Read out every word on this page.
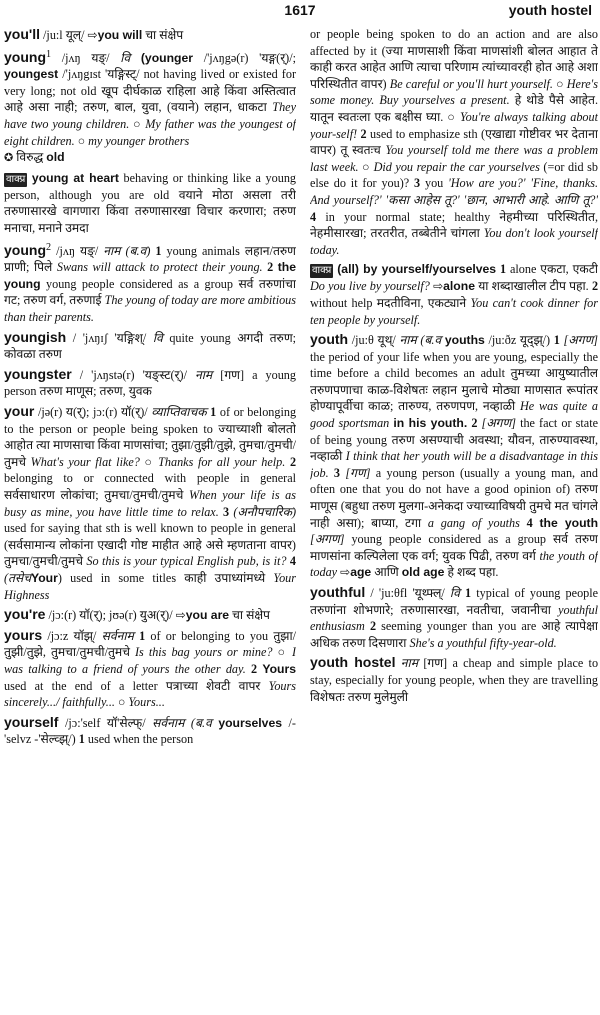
1617	youth hostel
you'll /ju:l यूल्/ ⇨you will चा संक्षेप
young$^1$ /jʌŋ यङ्/ वि (younger /'jʌŋgə(r) 'यङ्ग(र्)/; youngest /'jʌŋgɪst 'यङ्गिस्ट्/ not having lived or existed for very long; not old खूप दीर्घकाळ राहिला आहे किंवा अस्तित्वात आहे असा नाही; तरुण, बाल, युवा, (वयाने) लहान, धाकटा They have two young children. ○ My father was the youngest of eight children. ○ my younger brothers
✪ विरुद्ध old
वाक्प्र young at heart behaving or thinking like a young person, although you are old वयाने मोठा असला तरी तरुणासारखे वागणारा किंवा तरुणासारखा विचार करणारा; तरुण मनाचा, मनाने उमदा
young$^2$ /jʌŋ यङ्/ नाम (ब.व) 1 young animals लहान/तरुण प्राणी; पिले Swans will attack to protect their young. 2 the young young people considered as a group सर्व तरुणांचा गट; तरुण वर्ग, तरुणाई The young of today are more ambitious than their parents.
youngish / 'jʌŋɪʃ 'यङ्गिश्/ वि quite young अगदी तरुण; कोवळा तरुण
youngster / 'jʌŋstə(r) 'यङ्स्ट(र्)/ नाम [गण] a young person तरुण माणूस; तरुण, युवक
your /jə(r) य(र्); jɔ:(r) यॉ(र्)/ व्याप्तिवाचक 1 of or belonging to the person or people being spoken to ज्याच्याशी बोलतो आहोत त्या माणसाचा किंवा माणसांचा; तुझा/तुझी/तुझे, तुमचा/तुमची/तुमचे What's your flat like? ○ Thanks for all your help. 2 belonging to or connected with people in general सर्वसाधारण लोकांचा; तुमचा/तुमची/तुमचे When your life is as busy as mine, you have little time to relax. 3 (अनौपचारिक) used for saying that sth is well known to people in general (सर्वसामान्य लोकांना एखादी गोष्ट माहीत आहे असे म्हणताना वापर) तुमचा/तुमची/तुमचे So this is your typical English pub, is it? 4 (तसेचYour) used in some titles काही उपाध्यांमध्ये Your Highness
you're /jɔ:(r) यॉ(र्); jʊə(r) युअ(र्)/ ⇨you are चा संक्षेप
yours /jɔ:z यॉझ्/ सर्वनाम 1 of or belonging to you तुझा/तुझी/तुझे, तुमचा/तुमची/तुमचे Is this bag yours or mine? ○ I was talking to a friend of yours the other day. 2 Yours used at the end of a letter पत्राच्या शेवटी वापर Yours sincerely.../ faithfully... ○ Yours...
yourself /jɔ:'self यॉ'सेल्फ्/ सर्वनाम (ब.व yourselves /-'selvz -'सेल्व्झ्/) 1 used when the person
or people being spoken to do an action and are also affected by it (ज्या माणसाशी किंवा माणसांशी बोलत आहात ते काही करत आहेत आणि त्याचा परिणाम त्यांच्यावरही होत आहे अशा परिस्थितीत वापर) Be careful or you'll hurt yourself. ○ Here's some money. Buy yourselves a present. हे थोडे पैसे आहेत. यातून स्वतःला एक बक्षीस घ्या. ○ You're always talking about your-self! 2 used to emphasize sth (एखाद्या गोष्टीवर भर देताना वापर) तू स्वतःच You yourself told me there was a problem last week. ○ Did you repair the car yourselves (=or did sb else do it for you)? 3 you 'How are you?' 'Fine, thanks. And yourself?' 'कसा आहेस तू?' 'छान, आभारी आहे. आणि तू?' 4 in your normal state; healthy नेहमीच्या परिस्थितीत, नेहमीसारखा; तरतरीत, तब्बेतीने चांगला You don't look yourself today.
वाक्प्र (all) by yourself/yourselves 1 alone एकटा, एकटी Do you live by yourself? ⇨alone या शब्दाखालील टीप पहा. 2 without help मदतीविना, एकट्याने You can't cook dinner for ten people by yourself.
youth /ju:θ यूथ्/ नाम (ब.व youths /ju:ðz यूद्झ्/) 1 [अगण] the period of your life when you are young, especially the time before a child becomes an adult तुमच्या आयुष्यातील तरुणपणाचा काळ-विशेषतः लहान मुलाचे मोठ्या माणसात रूपांतर होण्यापूर्वीचा काळ; तारुण्य, तरुणपण, नव्हाळी He was quite a good sportsman in his youth. 2 [अगण] the fact or state of being young तरुण असण्याची अवस्था; यौवन, तारुण्यावस्था, नव्हाळी I think that her youth will be a disadvantage in this job. 3 [गण] a young person (usually a young man, and often one that you do not have a good opinion of) तरुण माणूस (बहुधा तरुण मुलगा-अनेकदा ज्याच्याविषयी तुमचे मत चांगले नाही असा); बाप्या, टगा a gang of youths 4 the youth [अगण] young people considered as a group सर्व तरुण माणसांना कल्पिलेला एक वर्ग; युवक पिढी, तरुण वर्ग the youth of today ⇨age आणि old age हे शब्द पहा.
youthful / 'ju:θfl 'यूथ्फ्ल्/ वि 1 typical of young people तरुणांना शोभणारे; तरुणासारखा, नवतीचा, जवानीचा youthful enthusiasm 2 seeming younger than you are आहे त्यापेक्षा अधिक तरुण दिसणारा She's a youthful fifty-year-old.
youth hostel नाम [गण] a cheap and simple place to stay, especially for young people, when they are travelling विशेषतः तरुण मुलेमुली
